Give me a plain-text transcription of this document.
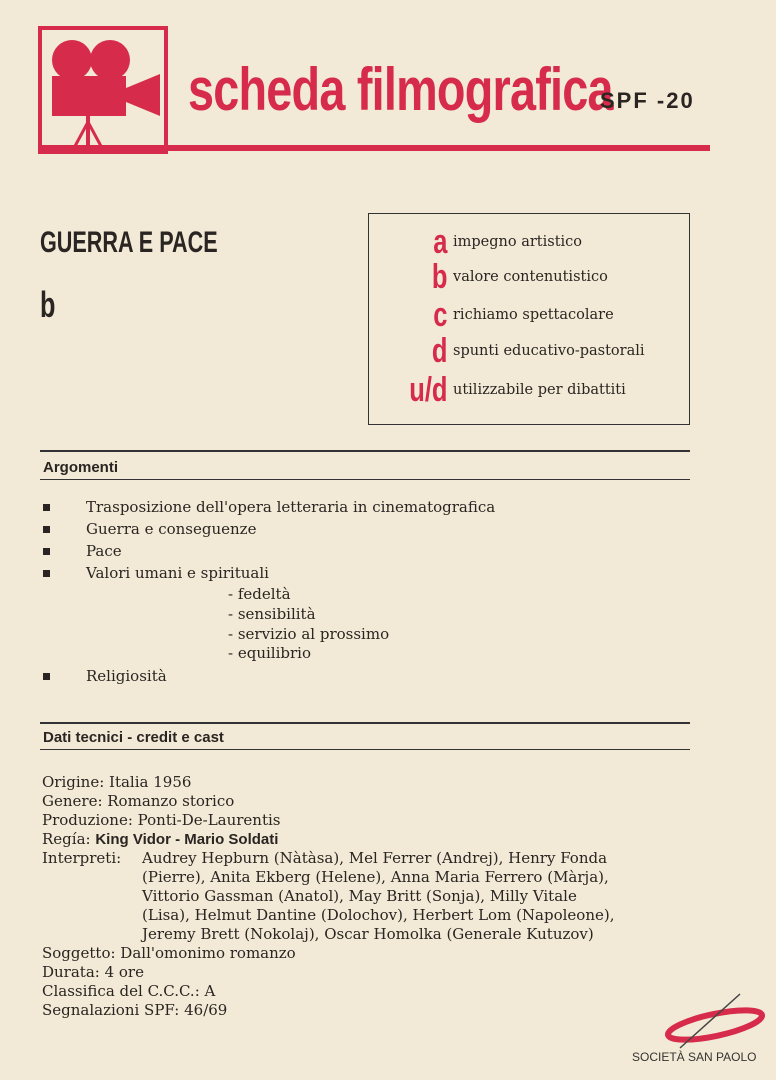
scheda filmografica
SPF -20
GUERRA E PACE
b
a impegno artistico
b valore contenutistico
c richiamo spettacolare
d spunti educativo-pastorali
u/d utilizzabile per dibattiti
Argomenti
Trasposizione dell'opera letteraria in cinematografica
Guerra e conseguenze
Pace
Valori umani e spirituali
- fedeltà
- sensibilità
- servizio al prossimo
- equilibrio
Religiosità
Dati tecnici - credit e cast
Origine: Italia 1956
Genere: Romanzo storico
Produzione: Ponti-De-Laurentis
Regía: King Vidor - Mario Soldati
Interpreti: Audrey Hepburn (Nàtàsa), Mel Ferrer (Andrej), Henry Fonda
(Pierre), Anita Ekberg (Helene), Anna Maria Ferrero (Màrja),
Vittorio Gassman (Anatol), May Britt (Sonja), Milly Vitale
(Lisa), Helmut Dantine (Dolochov), Herbert Lom (Napoleone),
Jeremy Brett (Nokolaj), Oscar Homolka (Generale Kutuzov)
Soggetto: Dall'omonimo romanzo
Durata: 4 ore
Classifica del C.C.C.: A
Segnalazioni SPF: 46/69
SOCIETÀ SAN PAOLO
